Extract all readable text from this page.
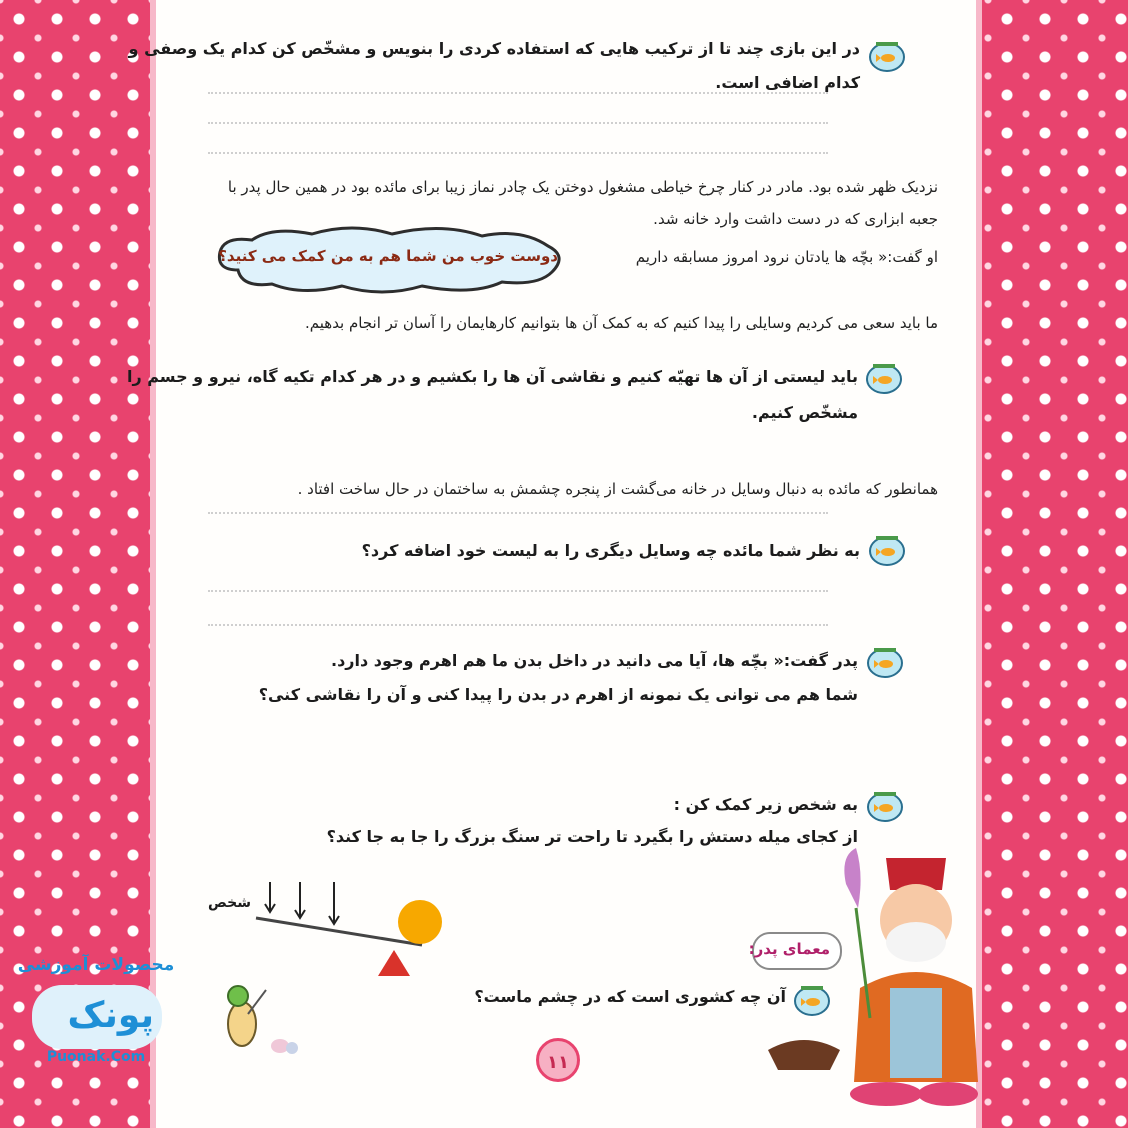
در این بازی چند تا از ترکیب هایی که استفاده کردی را بنویس و مشخّص کن کدام یک وصفی و
کدام اضافی است.
نزدیک ظهر شده بود. مادر در کنار چرخ خیاطی مشغول دوختن یک چادر نماز زیبا برای مائده بود در همین حال پدر با
جعبه ابزاری که در دست داشت وارد خانه شد.
او گفت:« بچّه ها یادتان نرود امروز مسابقه داریم
دوست خوب من شما هم به من کمک می کنید؟
ما باید سعی می کردیم وسایلی را پیدا کنیم که به کمک آن ها بتوانیم کارهایمان را آسان تر انجام بدهیم.
باید لیستی از آن ها تهیّه کنیم و نقاشی آن ها را بکشیم و در هر کدام تکیه گاه، نیرو و جسم را
مشخّص کنیم.
همانطور که مائده به دنبال وسایل در خانه می‌گشت از پنجره چشمش به ساختمان در حال ساخت افتاد .
به نظر شما مائده چه وسایل دیگری را به لیست خود اضافه کرد؟
پدر گفت:« بچّه ها، آیا می دانید در داخل بدن ما هم اهرم وجود دارد.
شما هم می توانی یک نمونه از اهرم در بدن را پیدا کنی و آن را نقاشی کنی؟
به شخص زیر کمک کن :
از کجای میله دستش را بگیرد تا راحت تر سنگ بزرگ را جا به جا کند؟
شخص
معمای پدر:
آن چه کشوری است که در چشم ماست؟
۱۱
محصولات آموزشی
پونک
Puonak.Com
